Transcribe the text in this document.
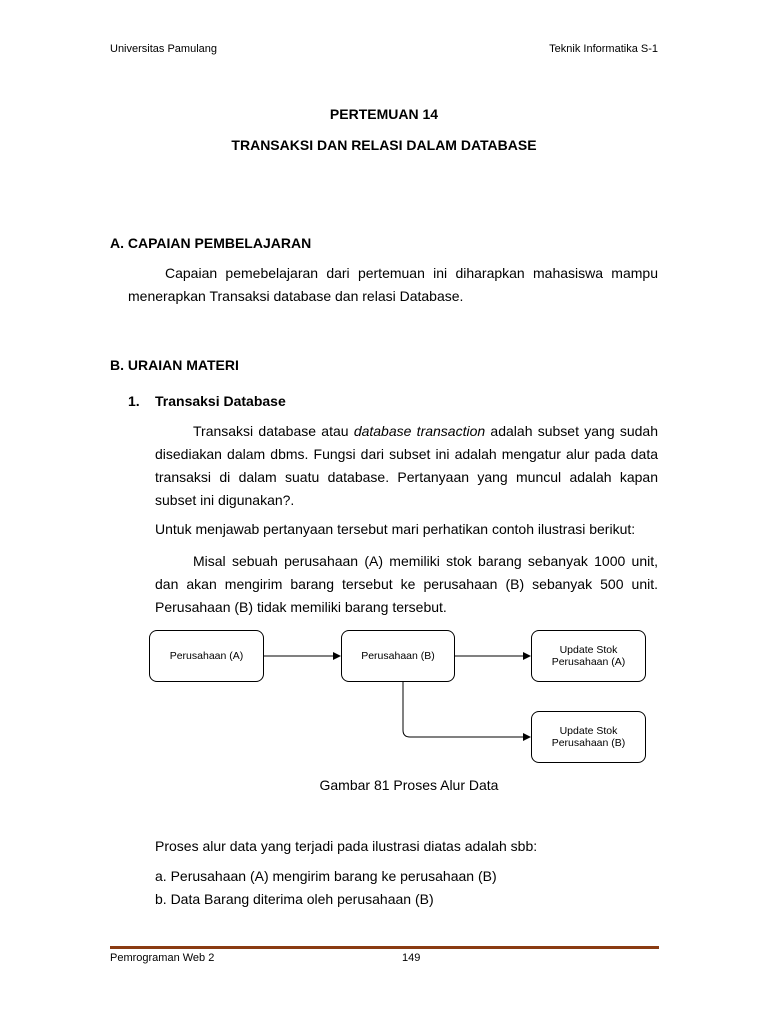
Universitas Pamulang	Teknik Informatika S-1
PERTEMUAN 14
TRANSAKSI DAN RELASI DALAM DATABASE
A. CAPAIAN PEMBELAJARAN
Capaian pemebelajaran dari pertemuan ini diharapkan mahasiswa mampu
menerapkan Transaksi database dan relasi Database.
B. URAIAN MATERI
1. Transaksi Database
Transaksi database atau database transaction adalah subset yang sudah
disediakan dalam dbms. Fungsi dari subset ini adalah mengatur alur pada data
transaksi di dalam suatu database. Pertanyaan yang muncul adalah kapan
subset ini digunakan?.
Untuk menjawab pertanyaan tersebut mari perhatikan contoh ilustrasi berikut:
Misal sebuah perusahaan (A) memiliki stok barang sebanyak 1000 unit,
dan akan mengirim barang tersebut ke perusahaan (B) sebanyak 500 unit.
Perusahaan (B) tidak memiliki barang tersebut.
Perusahaan (A)	Perusahaan (B)	Update Stok
Perusahaan (A)
Update Stok
Perusahaan (B)
Gambar 81 Proses Alur Data
Proses alur data yang terjadi pada ilustrasi diatas adalah sbb:
a. Perusahaan (A) mengirim barang ke perusahaan (B)
b. Data Barang diterima oleh perusahaan (B)
Pemrograman Web 2	149
